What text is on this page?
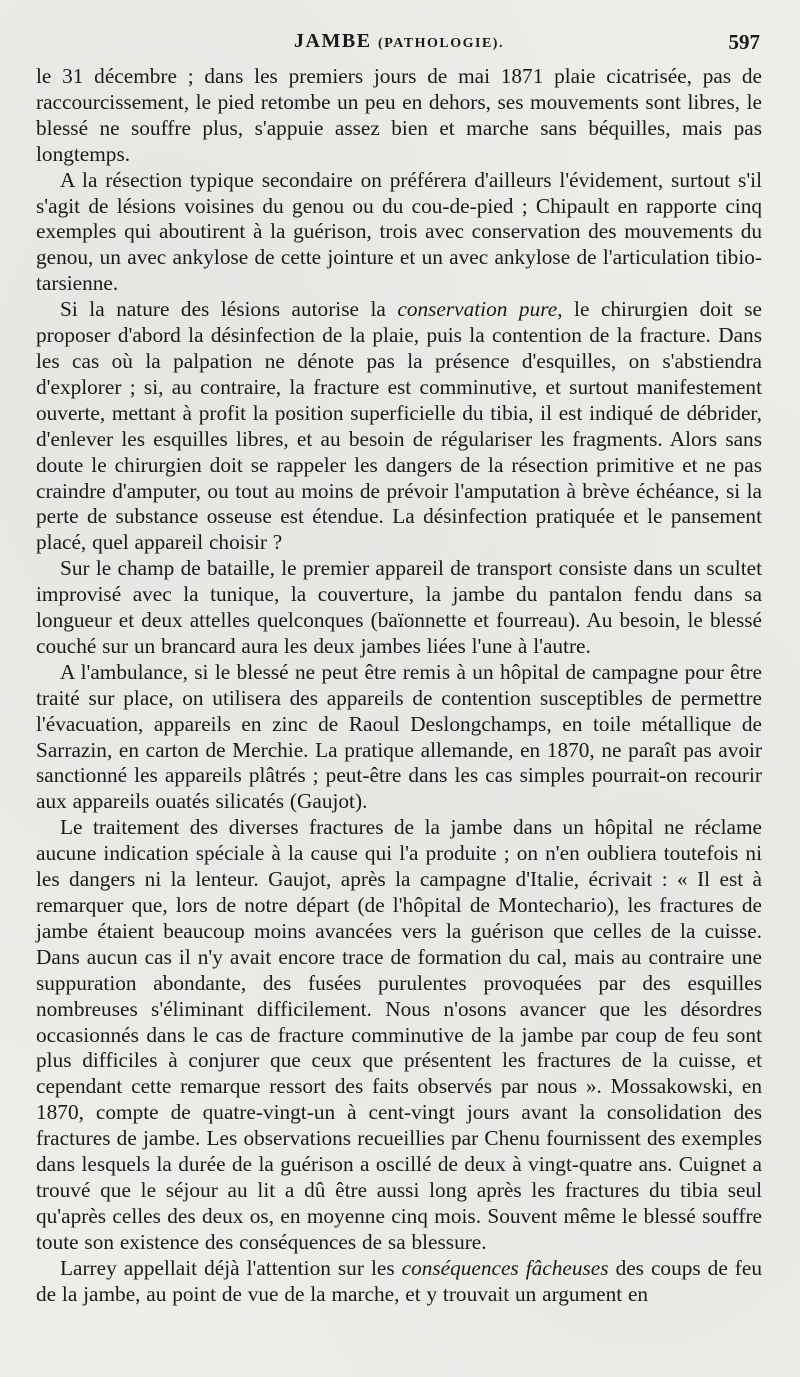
JAMBE (PATHOLOGIE).	597

le 31 décembre ; dans les premiers jours de mai 1871 plaie cicatrisée, pas de raccourcissement, le pied retombe un peu en dehors, ses mouvements sont libres, le blessé ne souffre plus, s'appuie assez bien et marche sans béquilles, mais pas longtemps.

A la résection typique secondaire on préférera d'ailleurs l'évidement, surtout s'il s'agit de lésions voisines du genou ou du cou-de-pied ; Chipault en rapporte cinq exemples qui aboutirent à la guérison, trois avec conservation des mouvements du genou, un avec ankylose de cette jointure et un avec ankylose de l'articulation tibio-tarsienne.

Si la nature des lésions autorise la conservation pure, le chirurgien doit se proposer d'abord la désinfection de la plaie, puis la contention de la fracture. Dans les cas où la palpation ne dénote pas la présence d'esquilles, on s'abstiendra d'explorer ; si, au contraire, la fracture est comminutive, et surtout manifestement ouverte, mettant à profit la position superficielle du tibia, il est indiqué de débrider, d'enlever les esquilles libres, et au besoin de régulariser les fragments. Alors sans doute le chirurgien doit se rappeler les dangers de la résection primitive et ne pas craindre d'amputer, ou tout au moins de prévoir l'amputation à brève échéance, si la perte de substance osseuse est étendue. La désinfection pratiquée et le pansement placé, quel appareil choisir ?

Sur le champ de bataille, le premier appareil de transport consiste dans un scultet improvisé avec la tunique, la couverture, la jambe du pantalon fendu dans sa longueur et deux attelles quelconques (baïonnette et fourreau). Au besoin, le blessé couché sur un brancard aura les deux jambes liées l'une à l'autre.

A l'ambulance, si le blessé ne peut être remis à un hôpital de campagne pour être traité sur place, on utilisera des appareils de contention susceptibles de permettre l'évacuation, appareils en zinc de Raoul Deslongchamps, en toile métallique de Sarrazin, en carton de Merchie. La pratique allemande, en 1870, ne paraît pas avoir sanctionné les appareils plâtrés ; peut-être dans les cas simples pourrait-on recourir aux appareils ouatés silicatés (Gaujot).

Le traitement des diverses fractures de la jambe dans un hôpital ne réclame aucune indication spéciale à la cause qui l'a produite ; on n'en oubliera toutefois ni les dangers ni la lenteur. Gaujot, après la campagne d'Italie, écrivait : « Il est à remarquer que, lors de notre départ (de l'hôpital de Montechario), les fractures de jambe étaient beaucoup moins avancées vers la guérison que celles de la cuisse. Dans aucun cas il n'y avait encore trace de formation du cal, mais au contraire une suppuration abondante, des fusées purulentes provoquées par des esquilles nombreuses s'éliminant difficilement. Nous n'osons avancer que les désordres occasionnés dans le cas de fracture comminutive de la jambe par coup de feu sont plus difficiles à conjurer que ceux que présentent les fractures de la cuisse, et cependant cette remarque ressort des faits observés par nous ». Mossakowski, en 1870, compte de quatre-vingt-un à cent-vingt jours avant la consolidation des fractures de jambe. Les observations recueillies par Chenu fournissent des exemples dans lesquels la durée de la guérison a oscillé de deux à vingt-quatre ans. Cuignet a trouvé que le séjour au lit a dû être aussi long après les fractures du tibia seul qu'après celles des deux os, en moyenne cinq mois. Souvent même le blessé souffre toute son existence des conséquences de sa blessure.

Larrey appellait déjà l'attention sur les conséquences fâcheuses des coups de feu de la jambe, au point de vue de la marche, et y trouvait un argument en
